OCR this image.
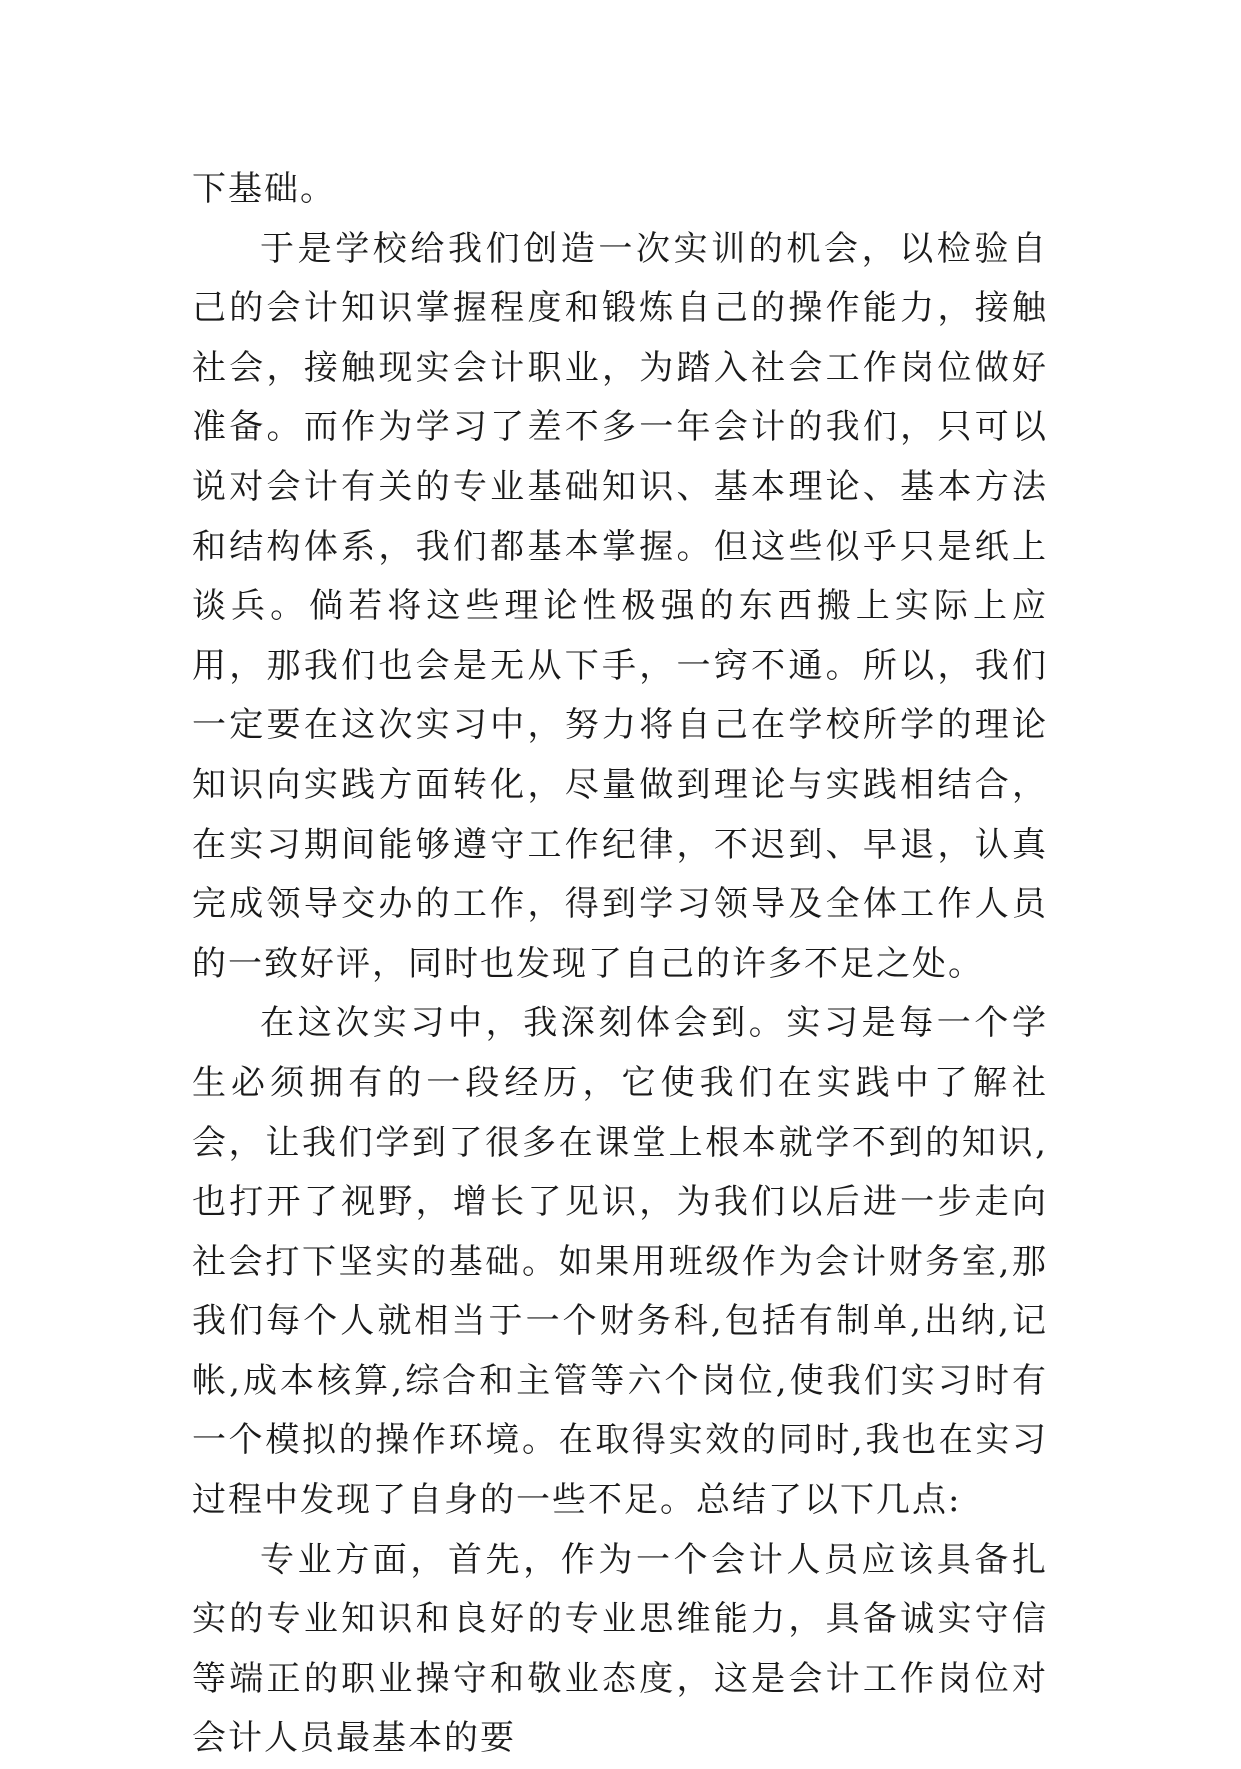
下基础。

于是学校给我们创造一次实训的机会，以检验自己的会计知识掌握程度和锻炼自己的操作能力，接触社会，接触现实会计职业，为踏入社会工作岗位做好准备。而作为学习了差不多一年会计的我们，只可以说对会计有关的专业基础知识、基本理论、基本方法和结构体系，我们都基本掌握。但这些似乎只是纸上谈兵。倘若将这些理论性极强的东西搬上实际上应用，那我们也会是无从下手，一窍不通。所以，我们一定要在这次实习中，努力将自己在学校所学的理论知识向实践方面转化，尽量做到理论与实践相结合，在实习期间能够遵守工作纪律，不迟到、早退，认真完成领导交办的工作，得到学习领导及全体工作人员的一致好评，同时也发现了自己的许多不足之处。

在这次实习中，我深刻体会到。实习是每一个学生必须拥有的一段经历，它使我们在实践中了解社会，让我们学到了很多在课堂上根本就学不到的知识,也打开了视野，增长了见识，为我们以后进一步走向社会打下坚实的基础。如果用班级作为会计财务室,那我们每个人就相当于一个财务科,包括有制单,出纳,记帐,成本核算,综合和主管等六个岗位,使我们实习时有一个模拟的操作环境。在取得实效的同时,我也在实习过程中发现了自身的一些不足。总结了以下几点:

专业方面，首先，作为一个会计人员应该具备扎实的专业知识和良好的专业思维能力，具备诚实守信等端正的职业操守和敬业态度，这是会计工作岗位对会计人员最基本的要
